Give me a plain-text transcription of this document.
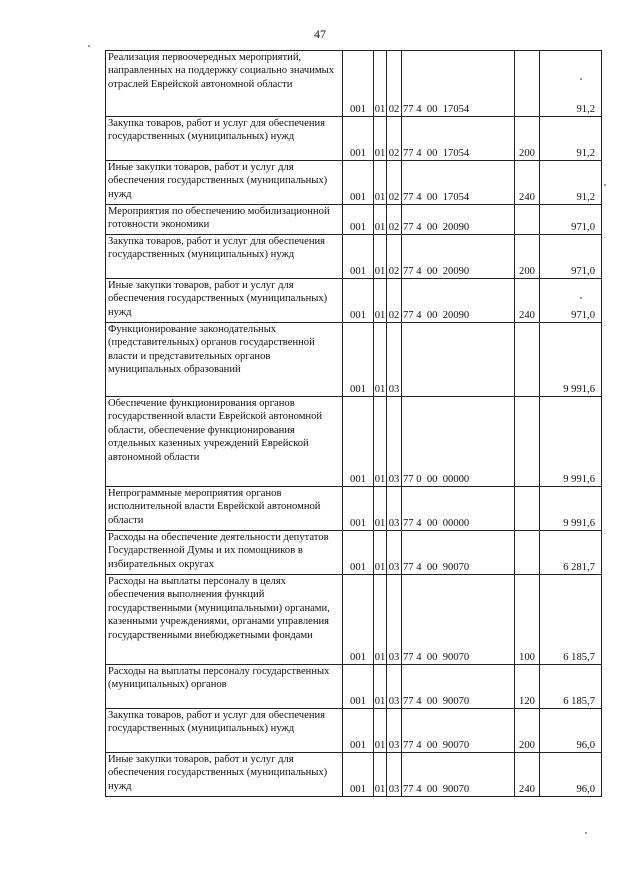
47
Реализация первоочередных мероприятий, направленных на поддержку социально значимых отраслей Еврейской автономной области	001	01	02	77 4  00  17054		91,2
Закупка товаров, работ и услуг для обеспечения государственных (муниципальных) нужд	001	01	02	77 4  00  17054	200	91,2
Иные закупки товаров, работ и услуг для обеспечения государственных (муниципальных) нужд	001	01	02	77 4  00  17054	240	91,2
Мероприятия по обеспечению мобилизационной готовности экономики	001	01	02	77 4  00  20090		971,0
Закупка товаров, работ и услуг для обеспечения государственных (муниципальных) нужд	001	01	02	77 4  00  20090	200	971,0
Иные закупки товаров, работ и услуг для обеспечения государственных (муниципальных) нужд	001	01	02	77 4  00  20090	240	971,0
Функционирование законодательных (представительных) органов государственной власти и представительных органов муниципальных образований	001	01	03			9 991,6
Обеспечение функционирования органов государственной власти Еврейской автономной области, обеспечение функционирования отдельных казенных учреждений Еврейской автономной области	001	01	03	77 0  00  00000		9 991,6
Непрограммные мероприятия органов исполнительной власти Еврейской автономной области	001	01	03	77 4  00  00000		9 991,6
Расходы на обеспечение деятельности депутатов Государственной Думы и их помощников в избирательных округах	001	01	03	77 4  00  90070		6 281,7
Расходы на выплаты персоналу в целях обеспечения выполнения функций государственными (муниципальными) органами, казенными учреждениями, органами управления государственными внебюджетными фондами	001	01	03	77 4  00  90070	100	6 185,7
Расходы на выплаты персоналу государственных (муниципальных) органов	001	01	03	77 4  00  90070	120	6 185,7
Закупка товаров, работ и услуг для обеспечения государственных (муниципальных) нужд	001	01	03	77 4  00  90070	200	96,0
Иные закупки товаров, работ и услуг для обеспечения государственных (муниципальных) нужд	001	01	03	77 4  00  90070	240	96,0
